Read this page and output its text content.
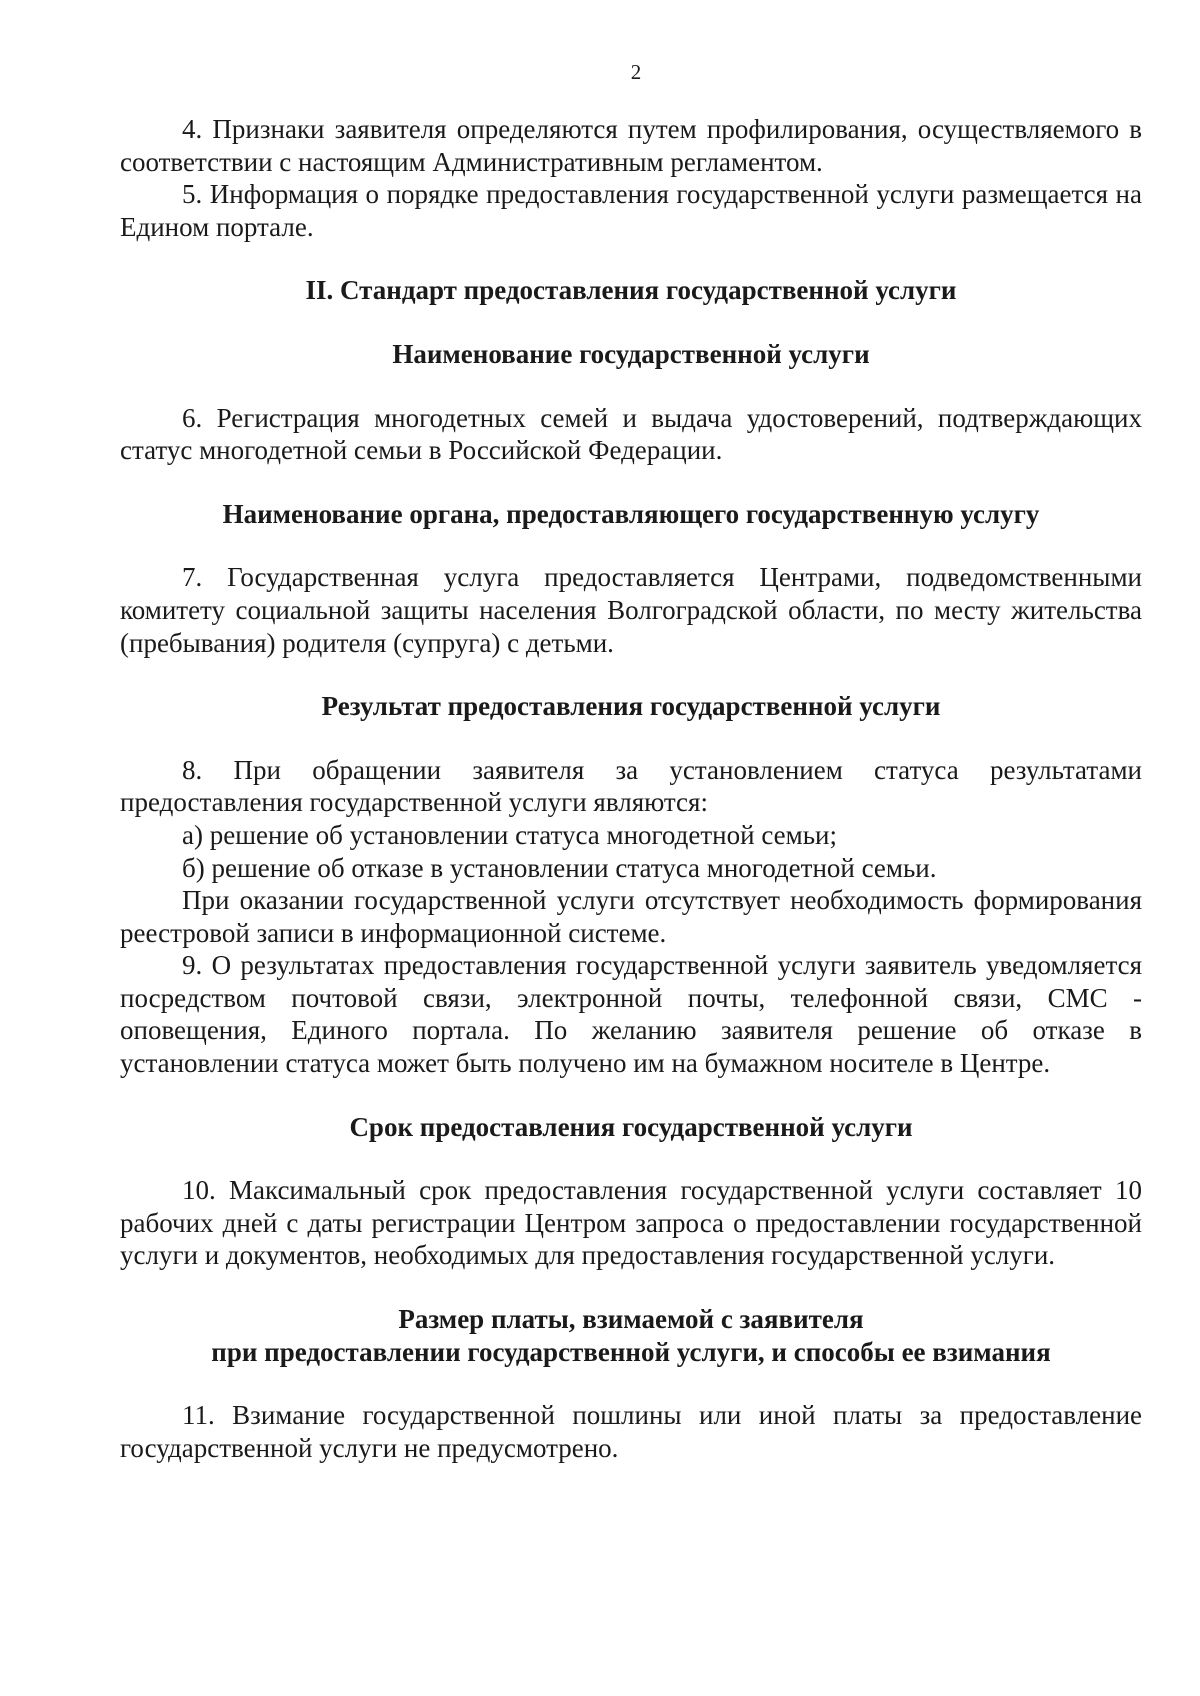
2

4. Признаки заявителя определяются путем профилирования, осуществляемого в соответствии с настоящим Административным регламентом.

5. Информация о порядке предоставления государственной услуги размещается на Едином портале.

II. Стандарт предоставления государственной услуги

Наименование государственной услуги

6. Регистрация многодетных семей и выдача удостоверений, подтверждающих статус многодетной семьи в Российской Федерации.

Наименование органа, предоставляющего государственную услугу

7. Государственная услуга предоставляется Центрами, подведомственными комитету социальной защиты населения Волгоградской области, по месту жительства (пребывания) родителя (супруга) с детьми.

Результат предоставления государственной услуги

8. При обращении заявителя за установлением статуса результатами предоставления государственной услуги являются:

а) решение об установлении статуса многодетной семьи;

б) решение об отказе в установлении статуса многодетной семьи.

При оказании государственной услуги отсутствует необходимость формирования реестровой записи в информационной системе.

9. О результатах предоставления государственной услуги заявитель уведомляется посредством почтовой связи, электронной почты, телефонной связи, СМС - оповещения, Единого портала. По желанию заявителя решение об отказе в установлении статуса может быть получено им на бумажном носителе в Центре.

Срок предоставления государственной услуги

10. Максимальный срок предоставления государственной услуги составляет 10 рабочих дней с даты регистрации Центром запроса о предоставлении государственной услуги и документов, необходимых для предоставления государственной услуги.

Размер платы, взимаемой с заявителя

при предоставлении государственной услуги, и способы ее взимания

11. Взимание государственной пошлины или иной платы за предоставление государственной услуги не предусмотрено.
